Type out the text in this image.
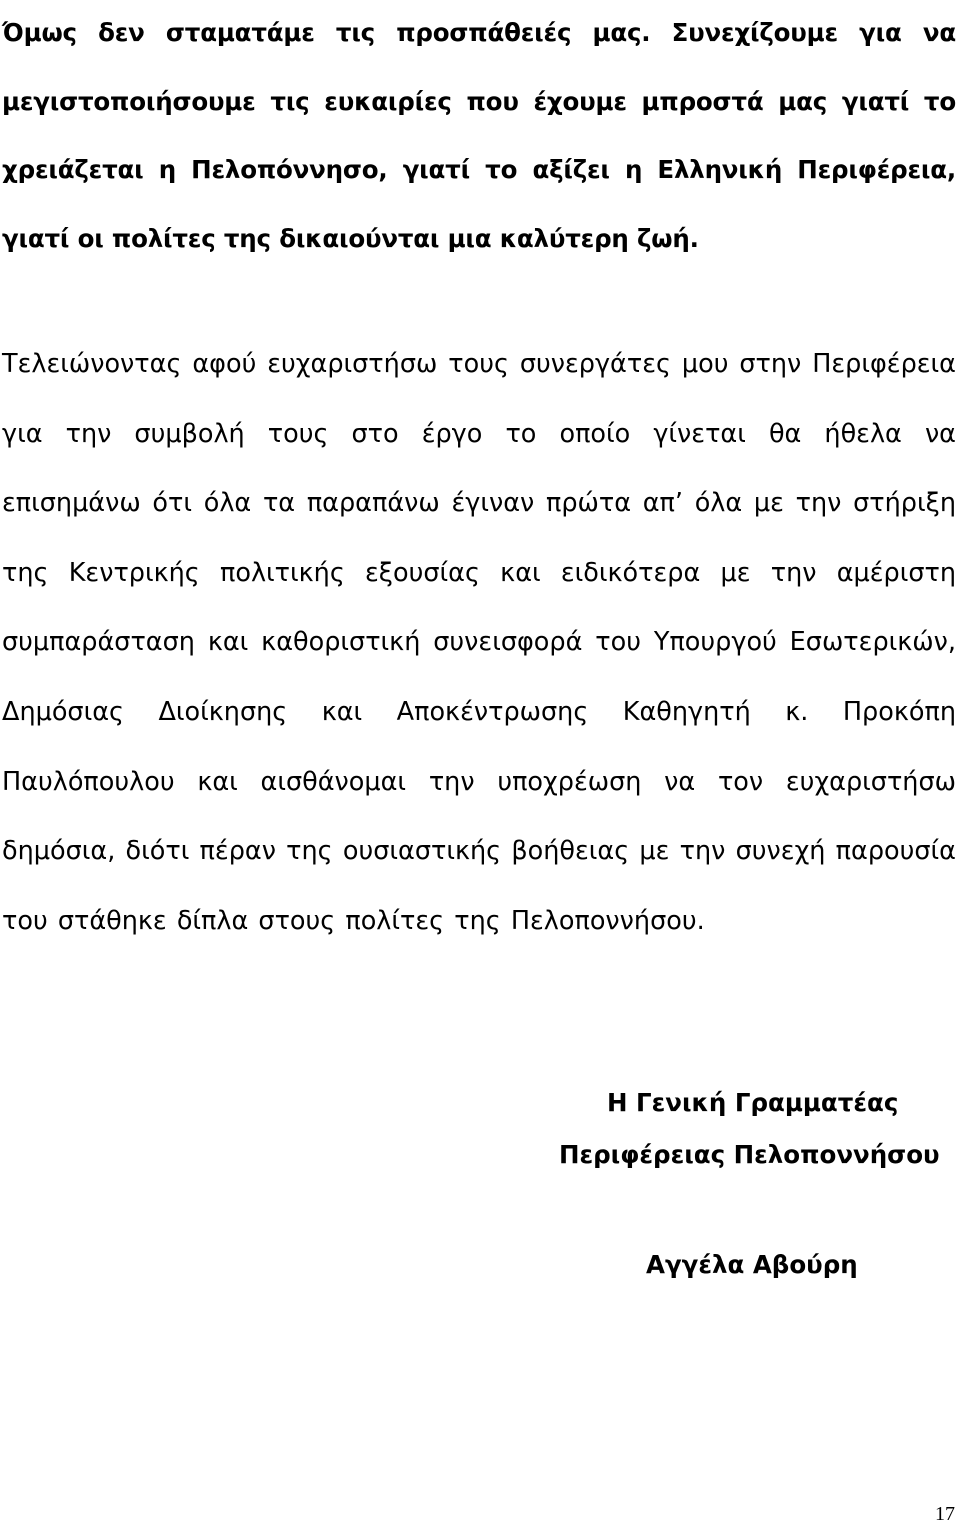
Όμως δεν σταματάμε τις προσπάθειές μας. Συνεχίζουμε για να μεγιστοποιήσουμε τις ευκαιρίες που έχουμε μπροστά μας γιατί το χρειάζεται η Πελοπόννησο, γιατί το αξίζει η Ελληνική Περιφέρεια, γιατί οι πολίτες της δικαιούνται μια καλύτερη ζωή.

Τελειώνοντας αφού ευχαριστήσω τους συνεργάτες μου στην Περιφέρεια για την συμβολή τους στο έργο το οποίο γίνεται θα ήθελα να επισημάνω ότι όλα τα παραπάνω έγιναν πρώτα απ’ όλα με την στήριξη της Κεντρικής πολιτικής εξουσίας και ειδικότερα με την αμέριστη συμπαράσταση και καθοριστική συνεισφορά του Υπουργού Εσωτερικών, Δημόσιας Διοίκησης και Αποκέντρωσης Καθηγητή κ. Προκόπη Παυλόπουλου και αισθάνομαι την υποχρέωση να τον ευχαριστήσω δημόσια, διότι πέραν της ουσιαστικής βοήθειας με την συνεχή παρουσία του στάθηκε δίπλα στους πολίτες της Πελοποννήσου.

Η Γενική Γραμματέας

Περιφέρειας Πελοποννήσου

Αγγέλα Αβούρη

17
